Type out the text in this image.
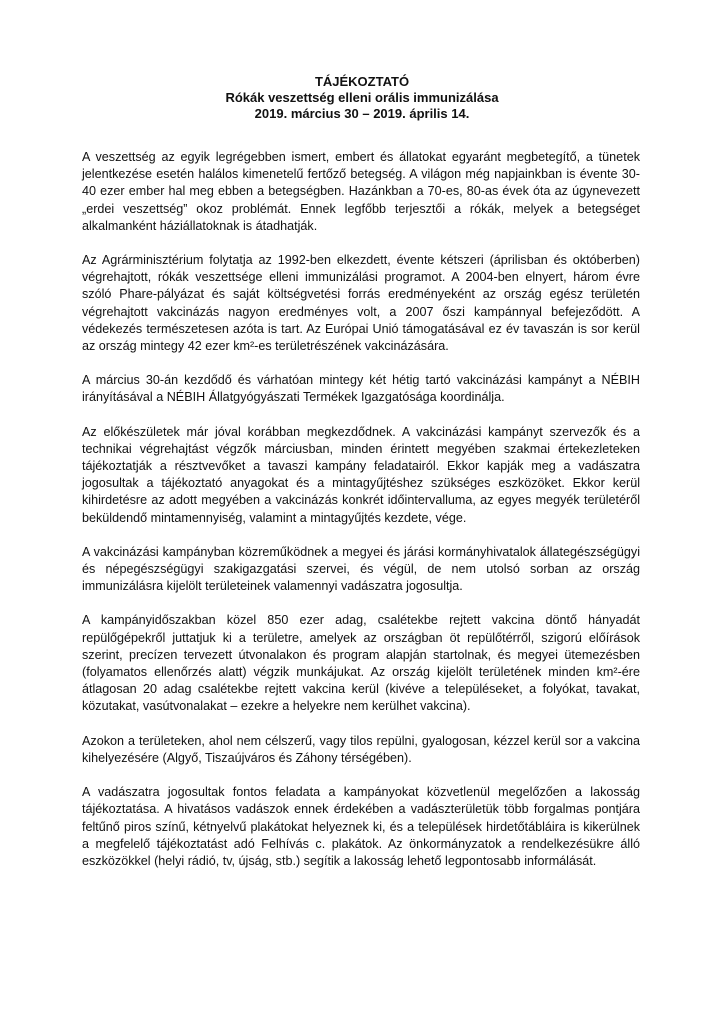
TÁJÉKOZTATÓ
Rókák veszettség elleni orális immunizálása
2019. március 30 – 2019. április 14.

A veszettség az egyik legrégebben ismert, embert és állatokat egyaránt megbetegítő, a tünetek jelentkezése esetén halálos kimenetelű fertőző betegség. A világon még napjainkban is évente 30-40 ezer ember hal meg ebben a betegségben. Hazánkban a 70-es, 80-as évek óta az úgynevezett „erdei veszettség” okoz problémát. Ennek legfőbb terjesztői a rókák, melyek a betegséget alkalmanként háziállatoknak is átadhatják.

Az Agrárminisztérium folytatja az 1992-ben elkezdett, évente kétszeri (áprilisban és októberben) végrehajtott, rókák veszettsége elleni immunizálási programot. A 2004-ben elnyert, három évre szóló Phare-pályázat és saját költségvetési forrás eredményeként az ország egész területén végrehajtott vakcinázás nagyon eredményes volt, a 2007 őszi kampánnyal befejeződött. A védekezés természetesen azóta is tart. Az Európai Unió támogatásával ez év tavaszán is sor kerül az ország mintegy 42 ezer km²-es területrészének vakcinázására.

A március 30-án kezdődő és várhatóan mintegy két hétig tartó vakcinázási kampányt a NÉBIH irányításával a NÉBIH Állatgyógyászati Termékek Igazgatósága koordinálja.

Az előkészületek már jóval korábban megkezdődnek. A vakcinázási kampányt szervezők és a technikai végrehajtást végzők márciusban, minden érintett megyében szakmai értekezleteken tájékoztatják a résztvevőket a tavaszi kampány feladatairól. Ekkor kapják meg a vadászatra jogosultak a tájékoztató anyagokat és a mintagyűjtéshez szükséges eszközöket. Ekkor kerül kihirdetésre az adott megyében a vakcinázás konkrét időintervalluma, az egyes megyék területéről beküldendő mintamennyiség, valamint a mintagyűjtés kezdete, vége.

A vakcinázási kampányban közreműködnek a megyei és járási kormányhivatalok állategészségügyi és népegészségügyi szakigazgatási szervei, és végül, de nem utolsó sorban az ország immunizálásra kijelölt területeinek valamennyi vadászatra jogosultja.

A kampányidőszakban közel 850 ezer adag, csalétekbe rejtett vakcina döntő hányadát repülőgépekről juttatjuk ki a területre, amelyek az országban öt repülőtérről, szigorú előírások szerint, precízen tervezett útvonalakon és program alapján startolnak, és megyei ütemezésben (folyamatos ellenőrzés alatt) végzik munkájukat. Az ország kijelölt területének minden km²-ére átlagosan 20 adag csalétekbe rejtett vakcina kerül (kivéve a településeket, a folyókat, tavakat, közutakat, vasútvonalakat – ezekre a helyekre nem kerülhet vakcina).

Azokon a területeken, ahol nem célszerű, vagy tilos repülni, gyalogosan, kézzel kerül sor a vakcina kihelyezésére (Algyő, Tiszaújváros és Záhony térségében).

A vadászatra jogosultak fontos feladata a kampányokat közvetlenül megelőzően a lakosság tájékoztatása. A hivatásos vadászok ennek érdekében a vadászterületük több forgalmas pontjára feltűnő piros színű, kétnyelvű plakátokat helyeznek ki, és a települések hirdetőtábláira is kikerülnek a megfelelő tájékoztatást adó Felhívás c. plakátok. Az önkormányzatok a rendelkezésükre álló eszközökkel (helyi rádió, tv, újság, stb.) segítik a lakosság lehető legpontosabb informálását.
